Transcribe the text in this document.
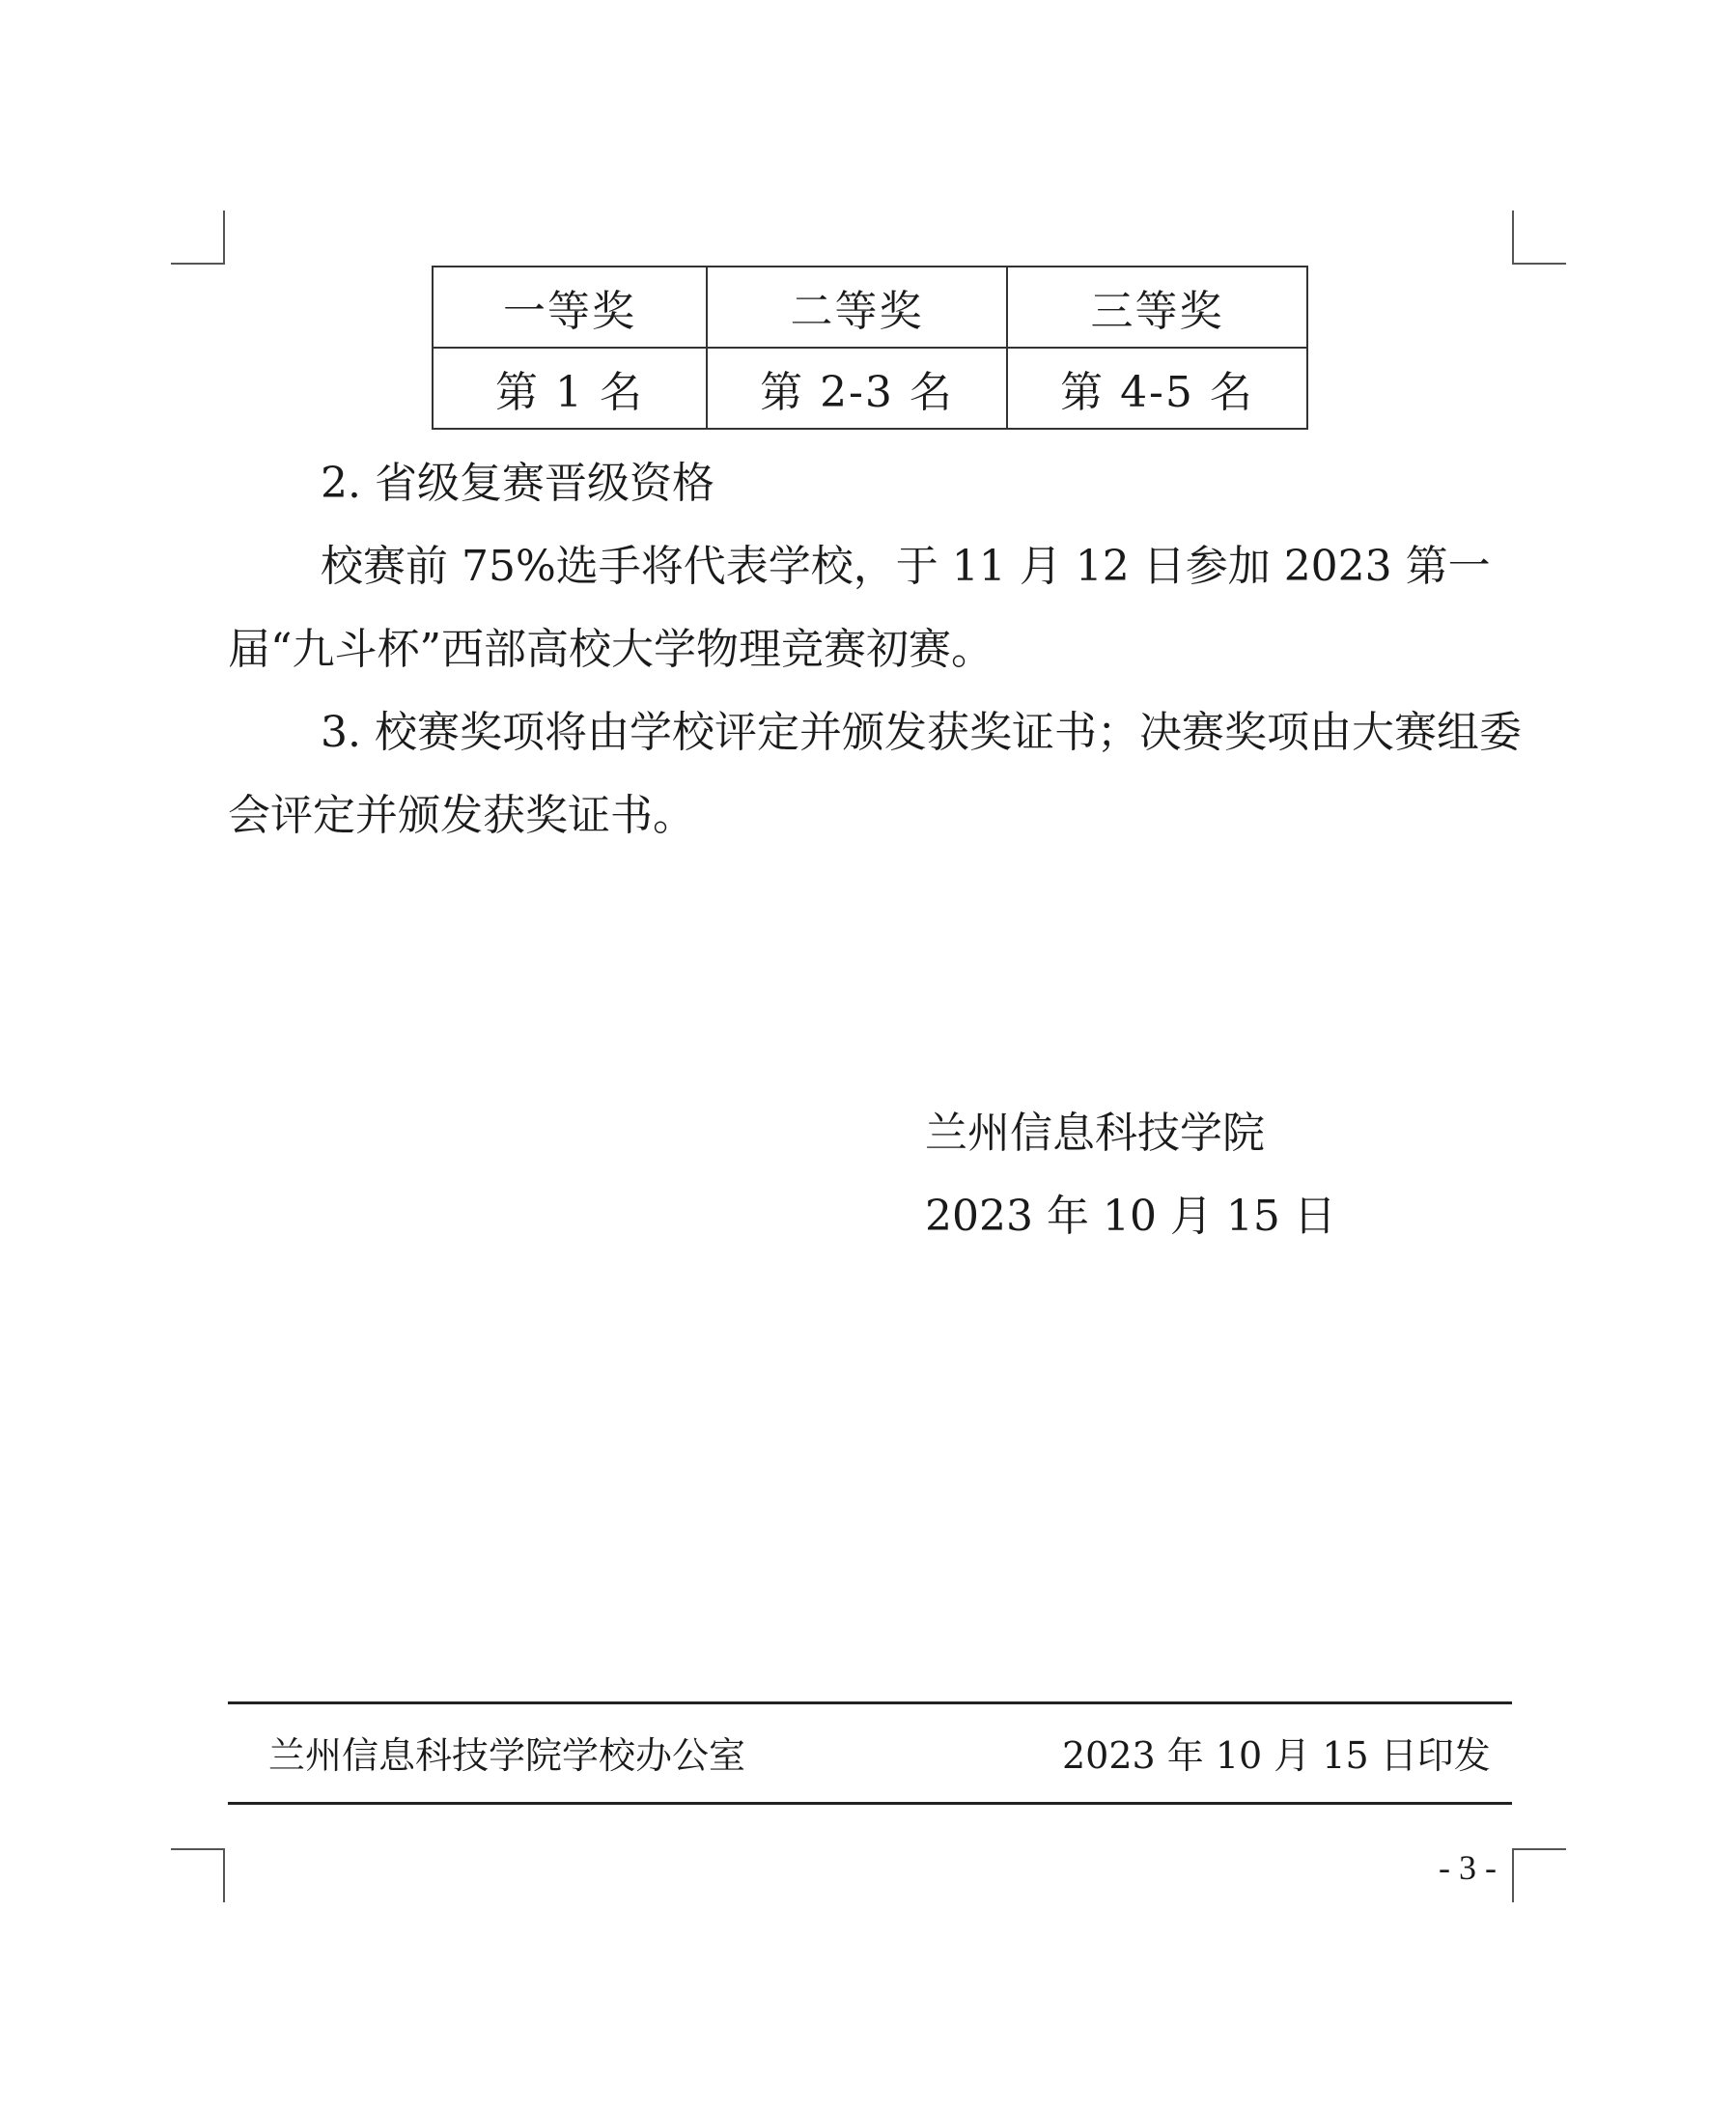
一等奖	二等奖	三等奖
第 1 名	第 2-3 名	第 4-5 名

2. 省级复赛晋级资格

校赛前 75%选手将代表学校，于 11 月 12 日参加 2023 第一届“九斗杯”西部高校大学物理竞赛初赛。

3. 校赛奖项将由学校评定并颁发获奖证书；决赛奖项由大赛组委会评定并颁发获奖证书。

兰州信息科技学院
2023 年 10 月 15 日
兰州信息科技学院学校办公室	2023 年 10 月 15 日印发
- 3 -
